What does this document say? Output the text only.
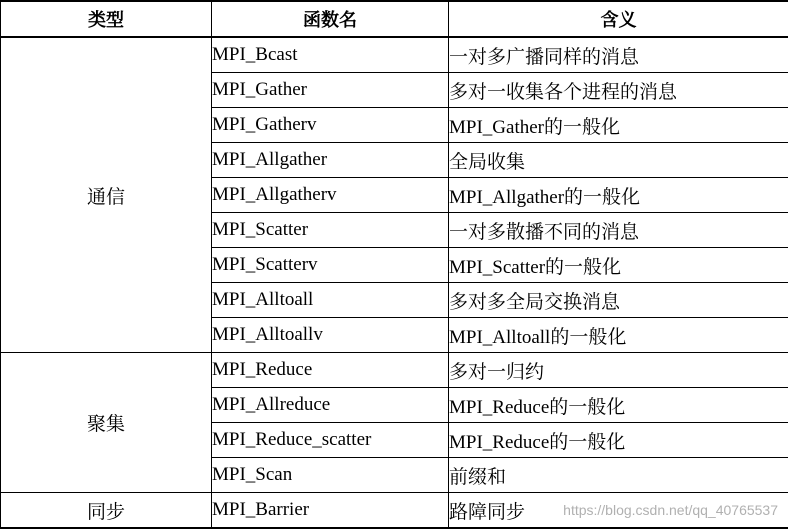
类型	函数名	含义
通信	MPI_Bcast	一对多广播同样的消息
	MPI_Gather	多对一收集各个进程的消息
	MPI_Gatherv	MPI_Gather的一般化
	MPI_Allgather	全局收集
	MPI_Allgatherv	MPI_Allgather的一般化
	MPI_Scatter	一对多散播不同的消息
	MPI_Scatterv	MPI_Scatter的一般化
	MPI_Alltoall	多对多全局交换消息
	MPI_Alltoallv	MPI_Alltoall的一般化
聚集	MPI_Reduce	多对一归约
	MPI_Allreduce	MPI_Reduce的一般化
	MPI_Reduce_scatter	MPI_Reduce的一般化
	MPI_Scan	前缀和
同步	MPI_Barrier	路障同步	https://blog.csdn.net/qq_40765537
